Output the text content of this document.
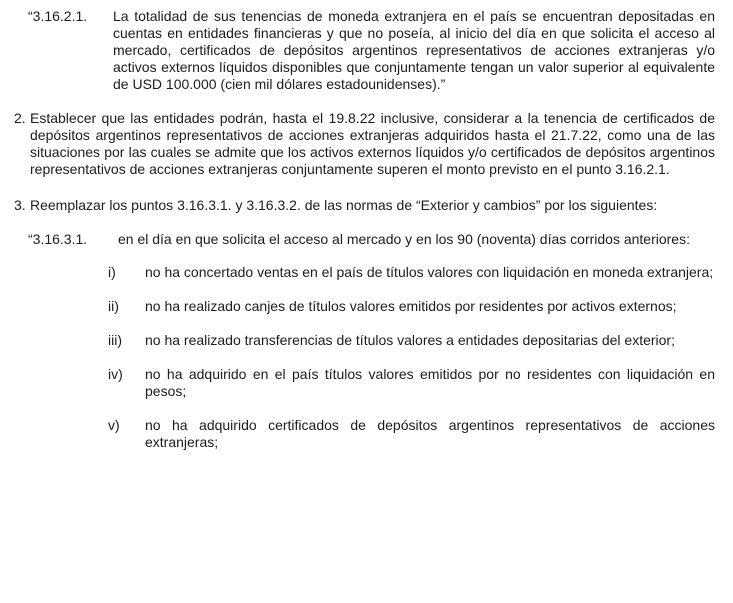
“3.16.2.1.	La totalidad de sus tenencias de moneda extranjera en el país se encuentran depositadas en cuentas en entidades financieras y que no poseía, al inicio del día en que solicita el acceso al mercado, certificados de depósitos argentinos representativos de acciones extranjeras y/o activos externos líquidos disponibles que conjuntamente tengan un valor superior al equivalente de USD 100.000 (cien mil dólares estadounidenses).”
2. Establecer que las entidades podrán, hasta el 19.8.22 inclusive, considerar a la tenencia de certificados de depósitos argentinos representativos de acciones extranjeras adquiridos hasta el 21.7.22, como una de las situaciones por las cuales se admite que los activos externos líquidos y/o certificados de depósitos argentinos representativos de acciones extranjeras conjuntamente superen el monto previsto en el punto 3.16.2.1.
3. Reemplazar los puntos 3.16.3.1. y 3.16.3.2. de las normas de “Exterior y cambios” por los siguientes:
“3.16.3.1.	en el día en que solicita el acceso al mercado y en los 90 (noventa) días corridos anteriores:
i)	no ha concertado ventas en el país de títulos valores con liquidación en moneda extranjera;
ii)	no ha realizado canjes de títulos valores emitidos por residentes por activos externos;
iii)	no ha realizado transferencias de títulos valores a entidades depositarias del exterior;
iv)	no ha adquirido en el país títulos valores emitidos por no residentes con liquidación en pesos;
v)	no ha adquirido certificados de depósitos argentinos representativos de acciones extranjeras;
